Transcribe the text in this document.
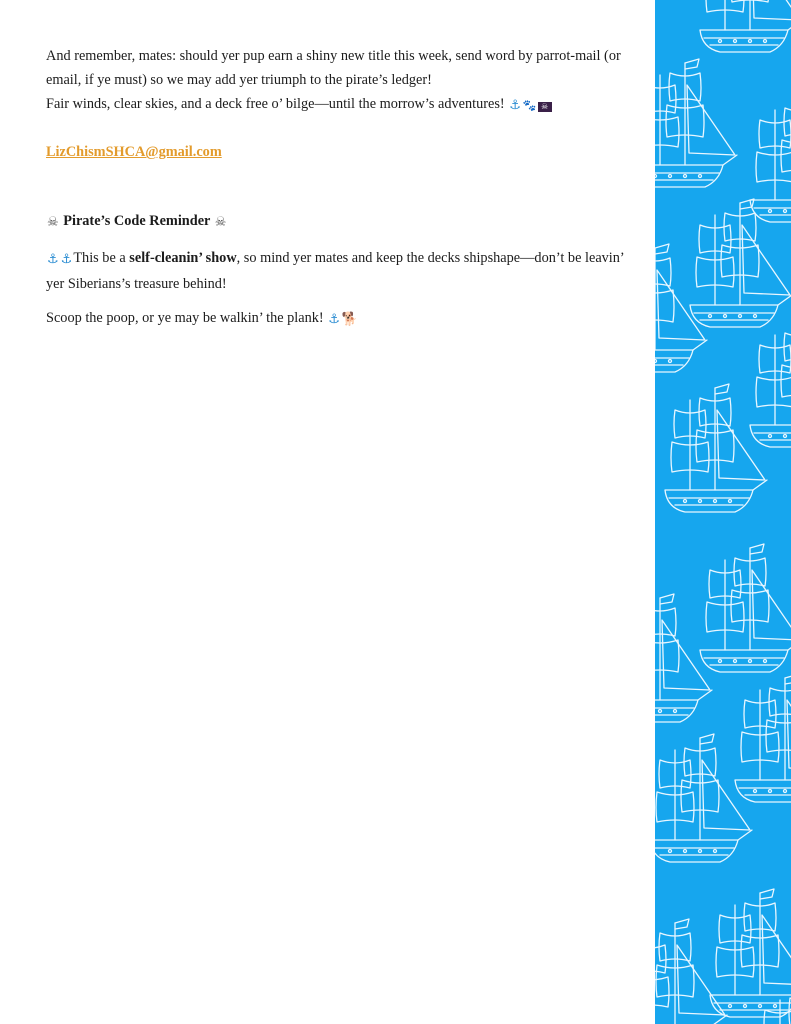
And remember, mates: should yer pup earn a shiny new title this week, send word by parrot-mail (or email, if ye must) so we may add yer triumph to the pirate’s ledger!
Fair winds, clear skies, and a deck free o’ bilge—until the morrow’s adventures! ⚓ 🐾 ☠

LizChismSHCA@gmail.com

☠ Pirate’s Code Reminder ☠

⚓ ⚓This be a self-cleanin’ show, so mind yer mates and keep the decks shipshape—don’t be leavin’ yer Siberians’s treasure behind!

Scoop the poop, or ye may be walkin’ the plank! ⚓ 🐕
